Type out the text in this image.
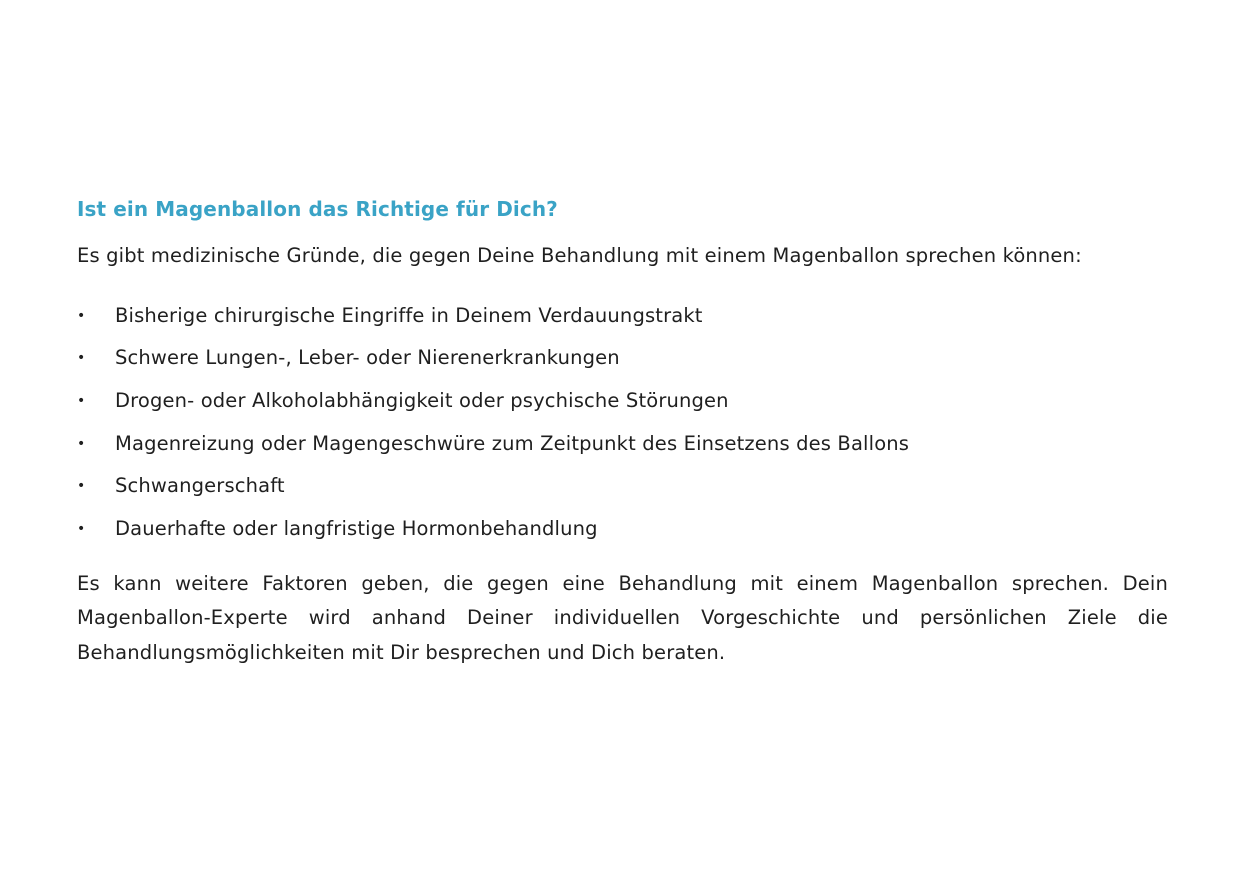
Ist ein Magenballon das Richtige für Dich?

Es gibt medizinische Gründe, die gegen Deine Behandlung mit einem Magenballon sprechen können:

•	Bisherige chirurgische Eingriffe in Deinem Verdauungstrakt
•	Schwere Lungen-, Leber- oder Nierenerkrankungen
•	Drogen- oder Alkoholabhängigkeit oder psychische Störungen
•	Magenreizung oder Magengeschwüre zum Zeitpunkt des Einsetzens des Ballons
•	Schwangerschaft
•	Dauerhafte oder langfristige Hormonbehandlung

Es kann weitere Faktoren geben, die gegen eine Behandlung mit einem Magenballon sprechen. Dein Magenballon-Experte wird anhand Deiner individuellen Vorgeschichte und persönlichen Ziele die Behandlungsmöglichkeiten mit Dir besprechen und Dich beraten.
